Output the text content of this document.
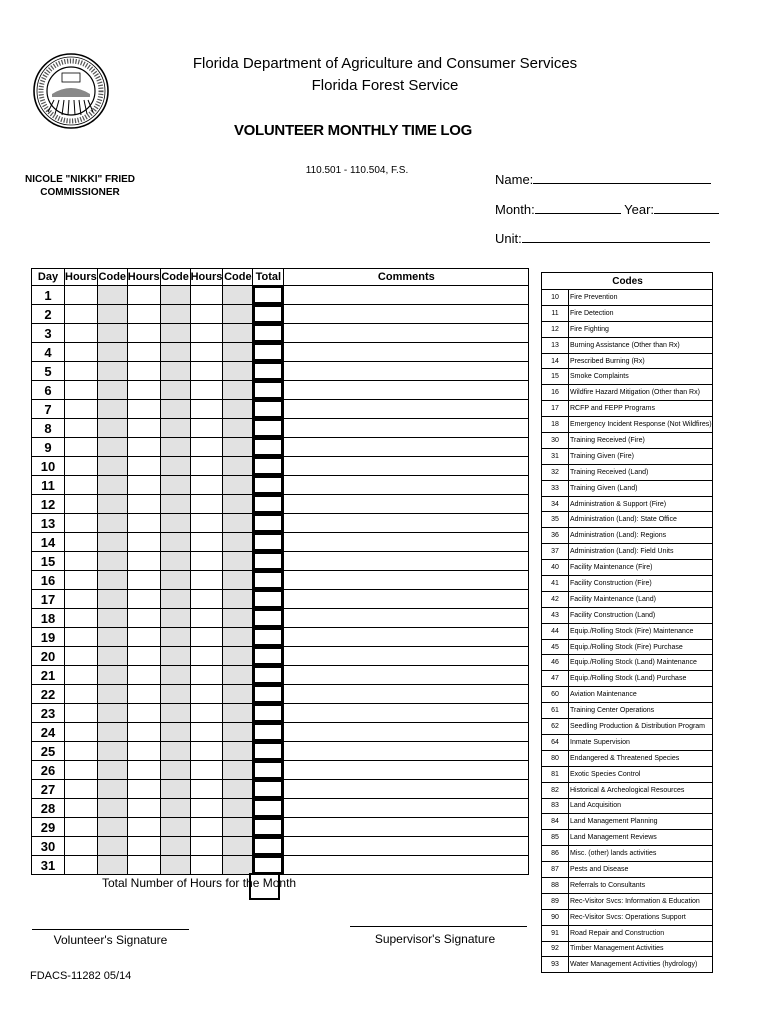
Florida Department of Agriculture and Consumer Services
Florida Forest Service
VOLUNTEER MONTHLY TIME LOG
110.501 - 110.504, F.S.
NICOLE "NIKKI" FRIED
COMMISSIONER
Name:
Month:	Year:
Unit:
Day	Hours	Code	Hours	Code	Hours	Code	Total	Comments
1							

2							

3							

4							

5							

6							

7							

8							

9							

10							

11							

12							

13							

14							

15							

16							

17							

18							

19							

20							

21							

22							

23							

24							

25							

26							

27							

28							

29							

30							

31							

Total Number of Hours for the Month
Volunteer's Signature	Supervisor's Signature
FDACS-11282 05/14
Codes	
10	Fire Prevention
11	Fire Detection
12	Fire Fighting
13	Burning Assistance (Other than Rx)
14	Prescribed Burning (Rx)
15	Smoke Complaints
16	Wildfire Hazard Mitigation (Other than Rx)
17	RCFP and FEPP Programs
18	Emergency Incident Response (Not Wildfires)
30	Training Received (Fire)
31	Training Given (Fire)
32	Training Received (Land)
33	Training Given (Land)
34	Administration & Support (Fire)
35	Administration (Land): State Office
36	Administration (Land): Regions
37	Administration (Land): Field Units
40	Facility Maintenance (Fire)
41	Facility Construction (Fire)
42	Facility Maintenance (Land)
43	Facility Construction (Land)
44	Equip./Rolling Stock (Fire) Maintenance
45	Equip./Rolling Stock (Fire) Purchase
46	Equip./Rolling Stock (Land) Maintenance
47	Equip./Rolling Stock (Land) Purchase
60	Aviation Maintenance
61	Training Center Operations
62	Seedling Production & Distribution Program
64	Inmate Supervision
80	Endangered & Threatened Species
81	Exotic Species Control
82	Historical & Archeological Resources
83	Land Acquisition
84	Land Management Planning
85	Land Management Reviews
86	Misc. (other) lands activities
87	Pests and Disease
88	Referrals to Consultants
89	Rec-Visitor Svcs: Information & Education
90	Rec-Visitor Svcs: Operations Support
91	Road Repair and Construction
92	Timber Management Activities
93	Water Management Activities (hydrology)
